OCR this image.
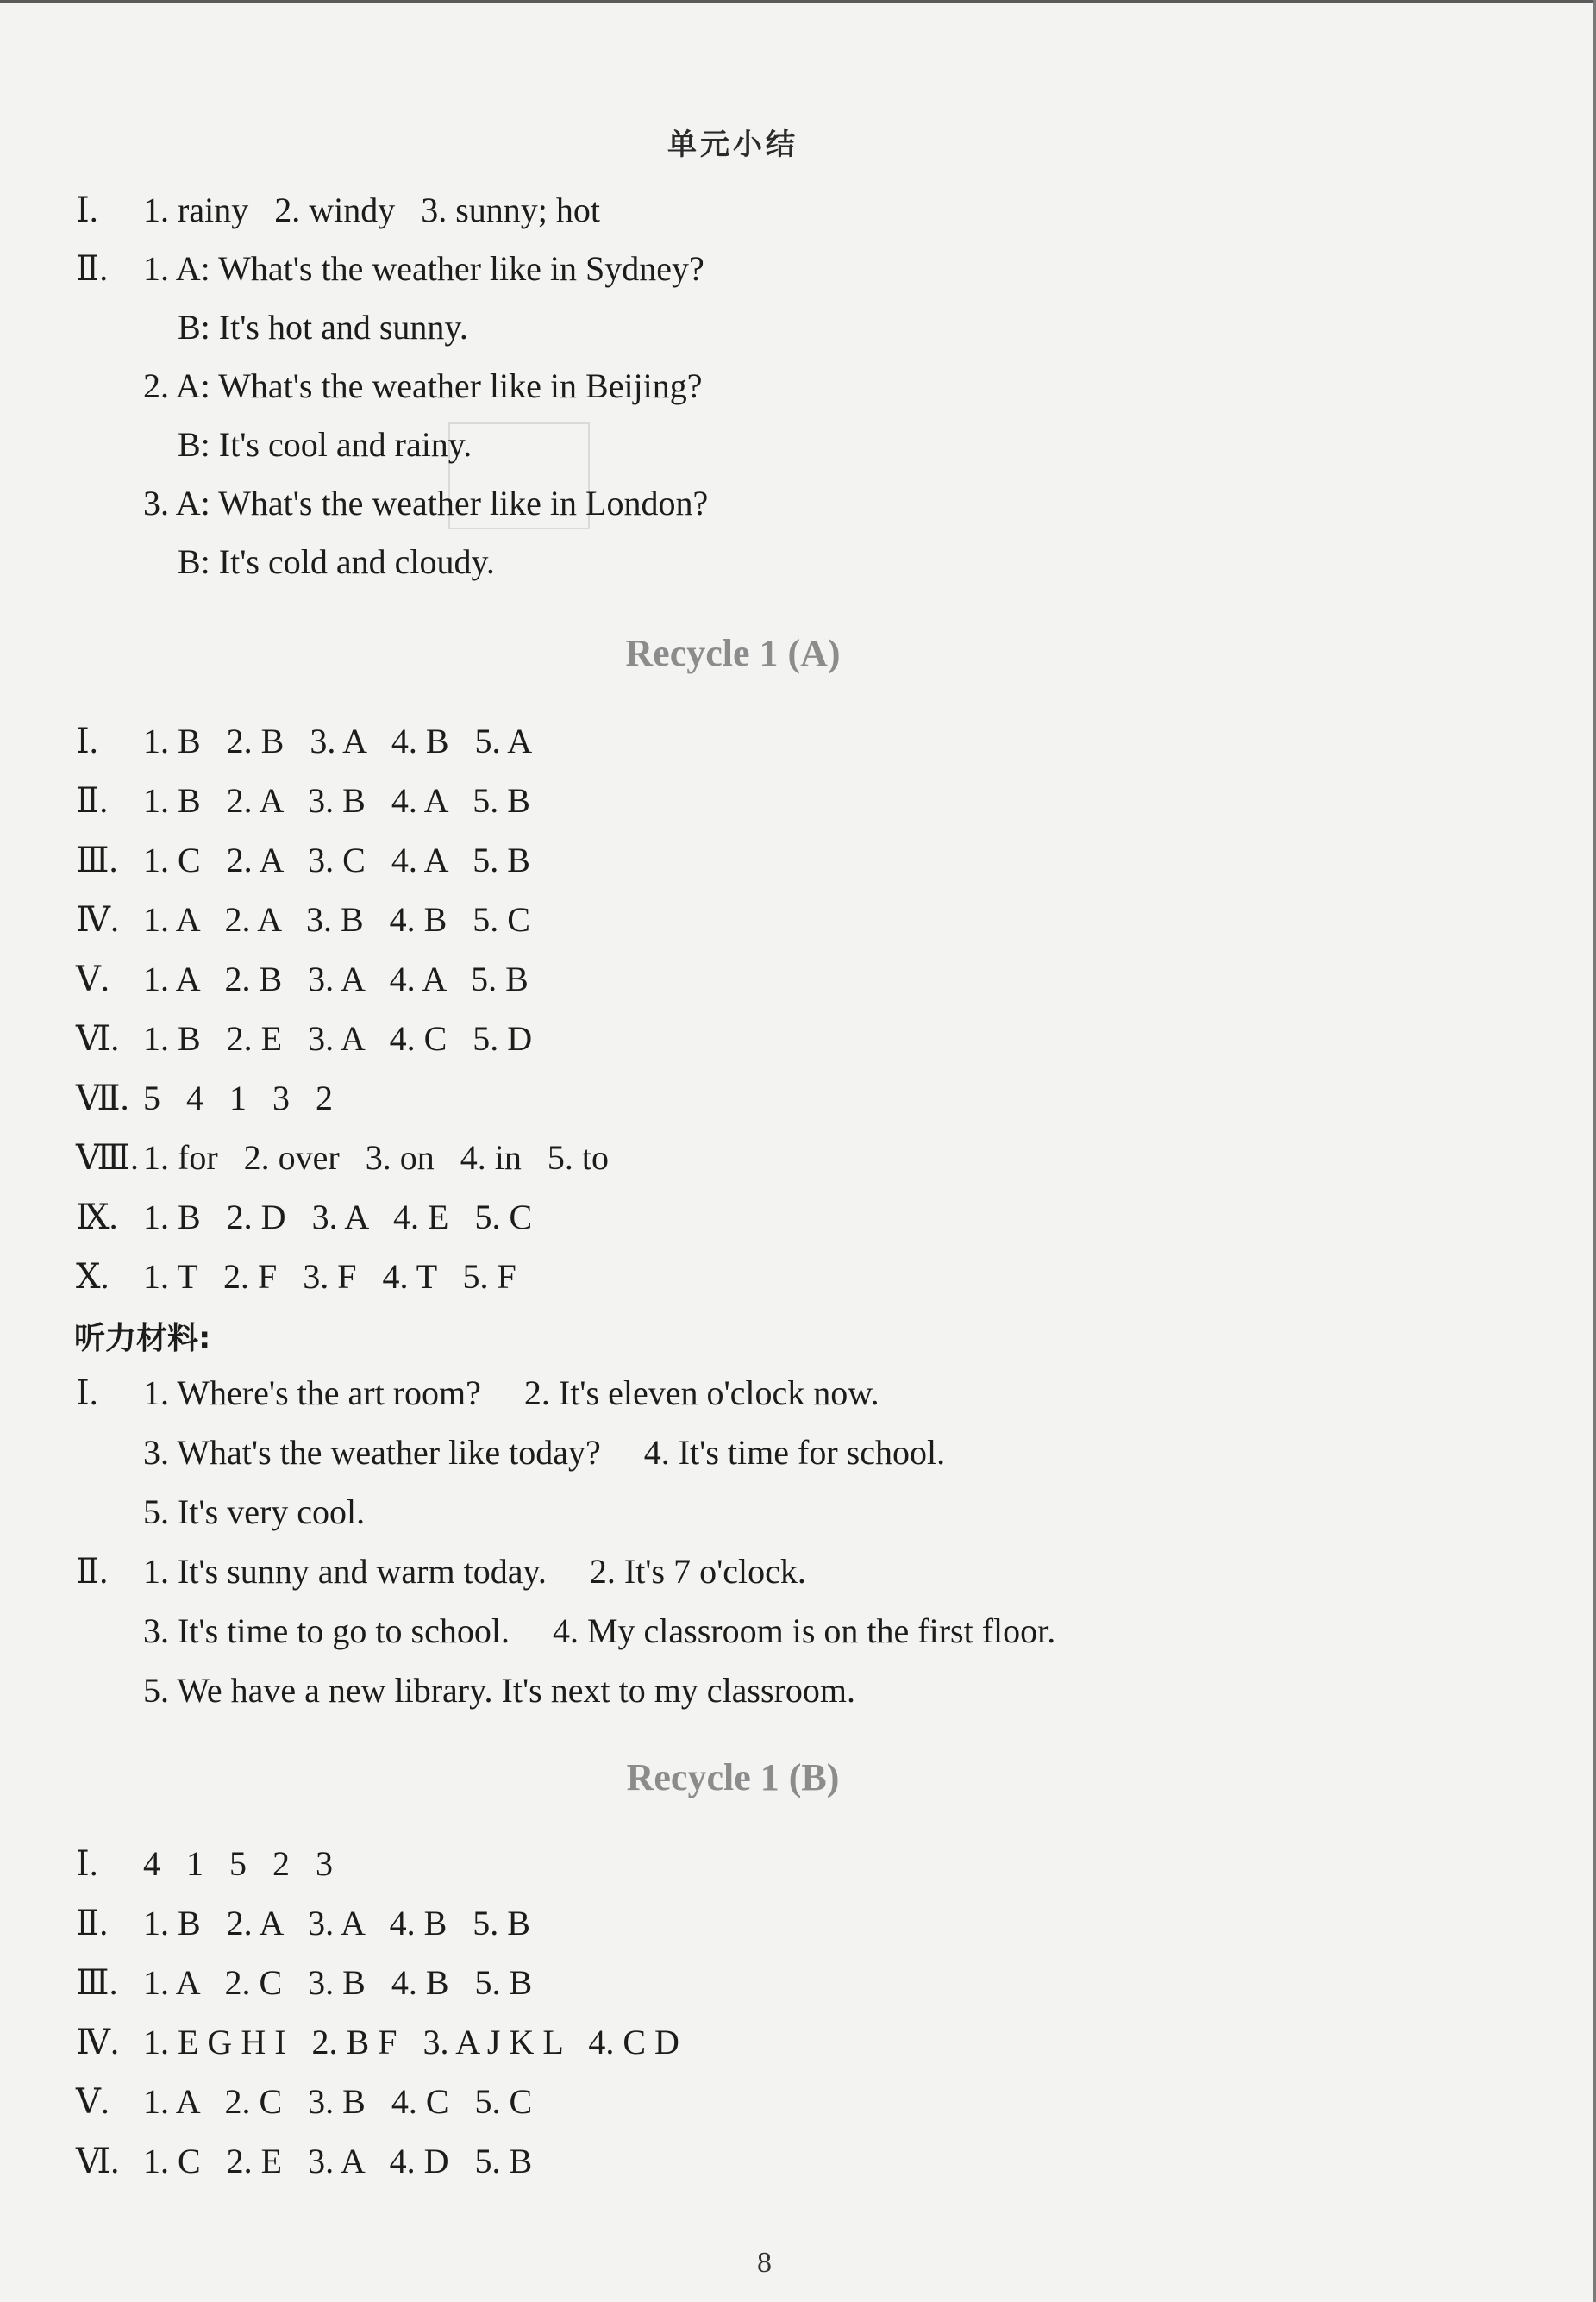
单元小结
Ⅰ. 1. rainy   2. windy   3. sunny; hot
Ⅱ. 1. A: What's the weather like in Sydney?
B: It's hot and sunny.
2. A: What's the weather like in Beijing?
B: It's cool and rainy.
3. A: What's the weather like in London?
B: It's cold and cloudy.
Recycle 1 (A)
Ⅰ. 1. B   2. B   3. A   4. B   5. A
Ⅱ. 1. B   2. A   3. B   4. A   5. B
Ⅲ. 1. C   2. A   3. C   4. A   5. B
Ⅳ. 1. A   2. A   3. B   4. B   5. C
Ⅴ. 1. A   2. B   3. A   4. A   5. B
Ⅵ. 1. B   2. E   3. A   4. C   5. D
Ⅶ. 5   4   1   3   2
Ⅷ. 1. for   2. over   3. on   4. in   5. to
Ⅸ. 1. B   2. D   3. A   4. E   5. C
Ⅹ. 1. T   2. F   3. F   4. T   5. F
听力材料:
Ⅰ. 1. Where's the art room?     2. It's eleven o'clock now.
3. What's the weather like today?     4. It's time for school.
5. It's very cool.
Ⅱ. 1. It's sunny and warm today.     2. It's 7 o'clock.
3. It's time to go to school.     4. My classroom is on the first floor.
5. We have a new library. It's next to my classroom.
Recycle 1 (B)
Ⅰ. 4   1   5   2   3
Ⅱ. 1. B   2. A   3. A   4. B   5. B
Ⅲ. 1. A   2. C   3. B   4. B   5. B
Ⅳ. 1. E G H I   2. B F   3. A J K L   4. C D
Ⅴ. 1. A   2. C   3. B   4. C   5. C
Ⅵ. 1. C   2. E   3. A   4. D   5. B
8
